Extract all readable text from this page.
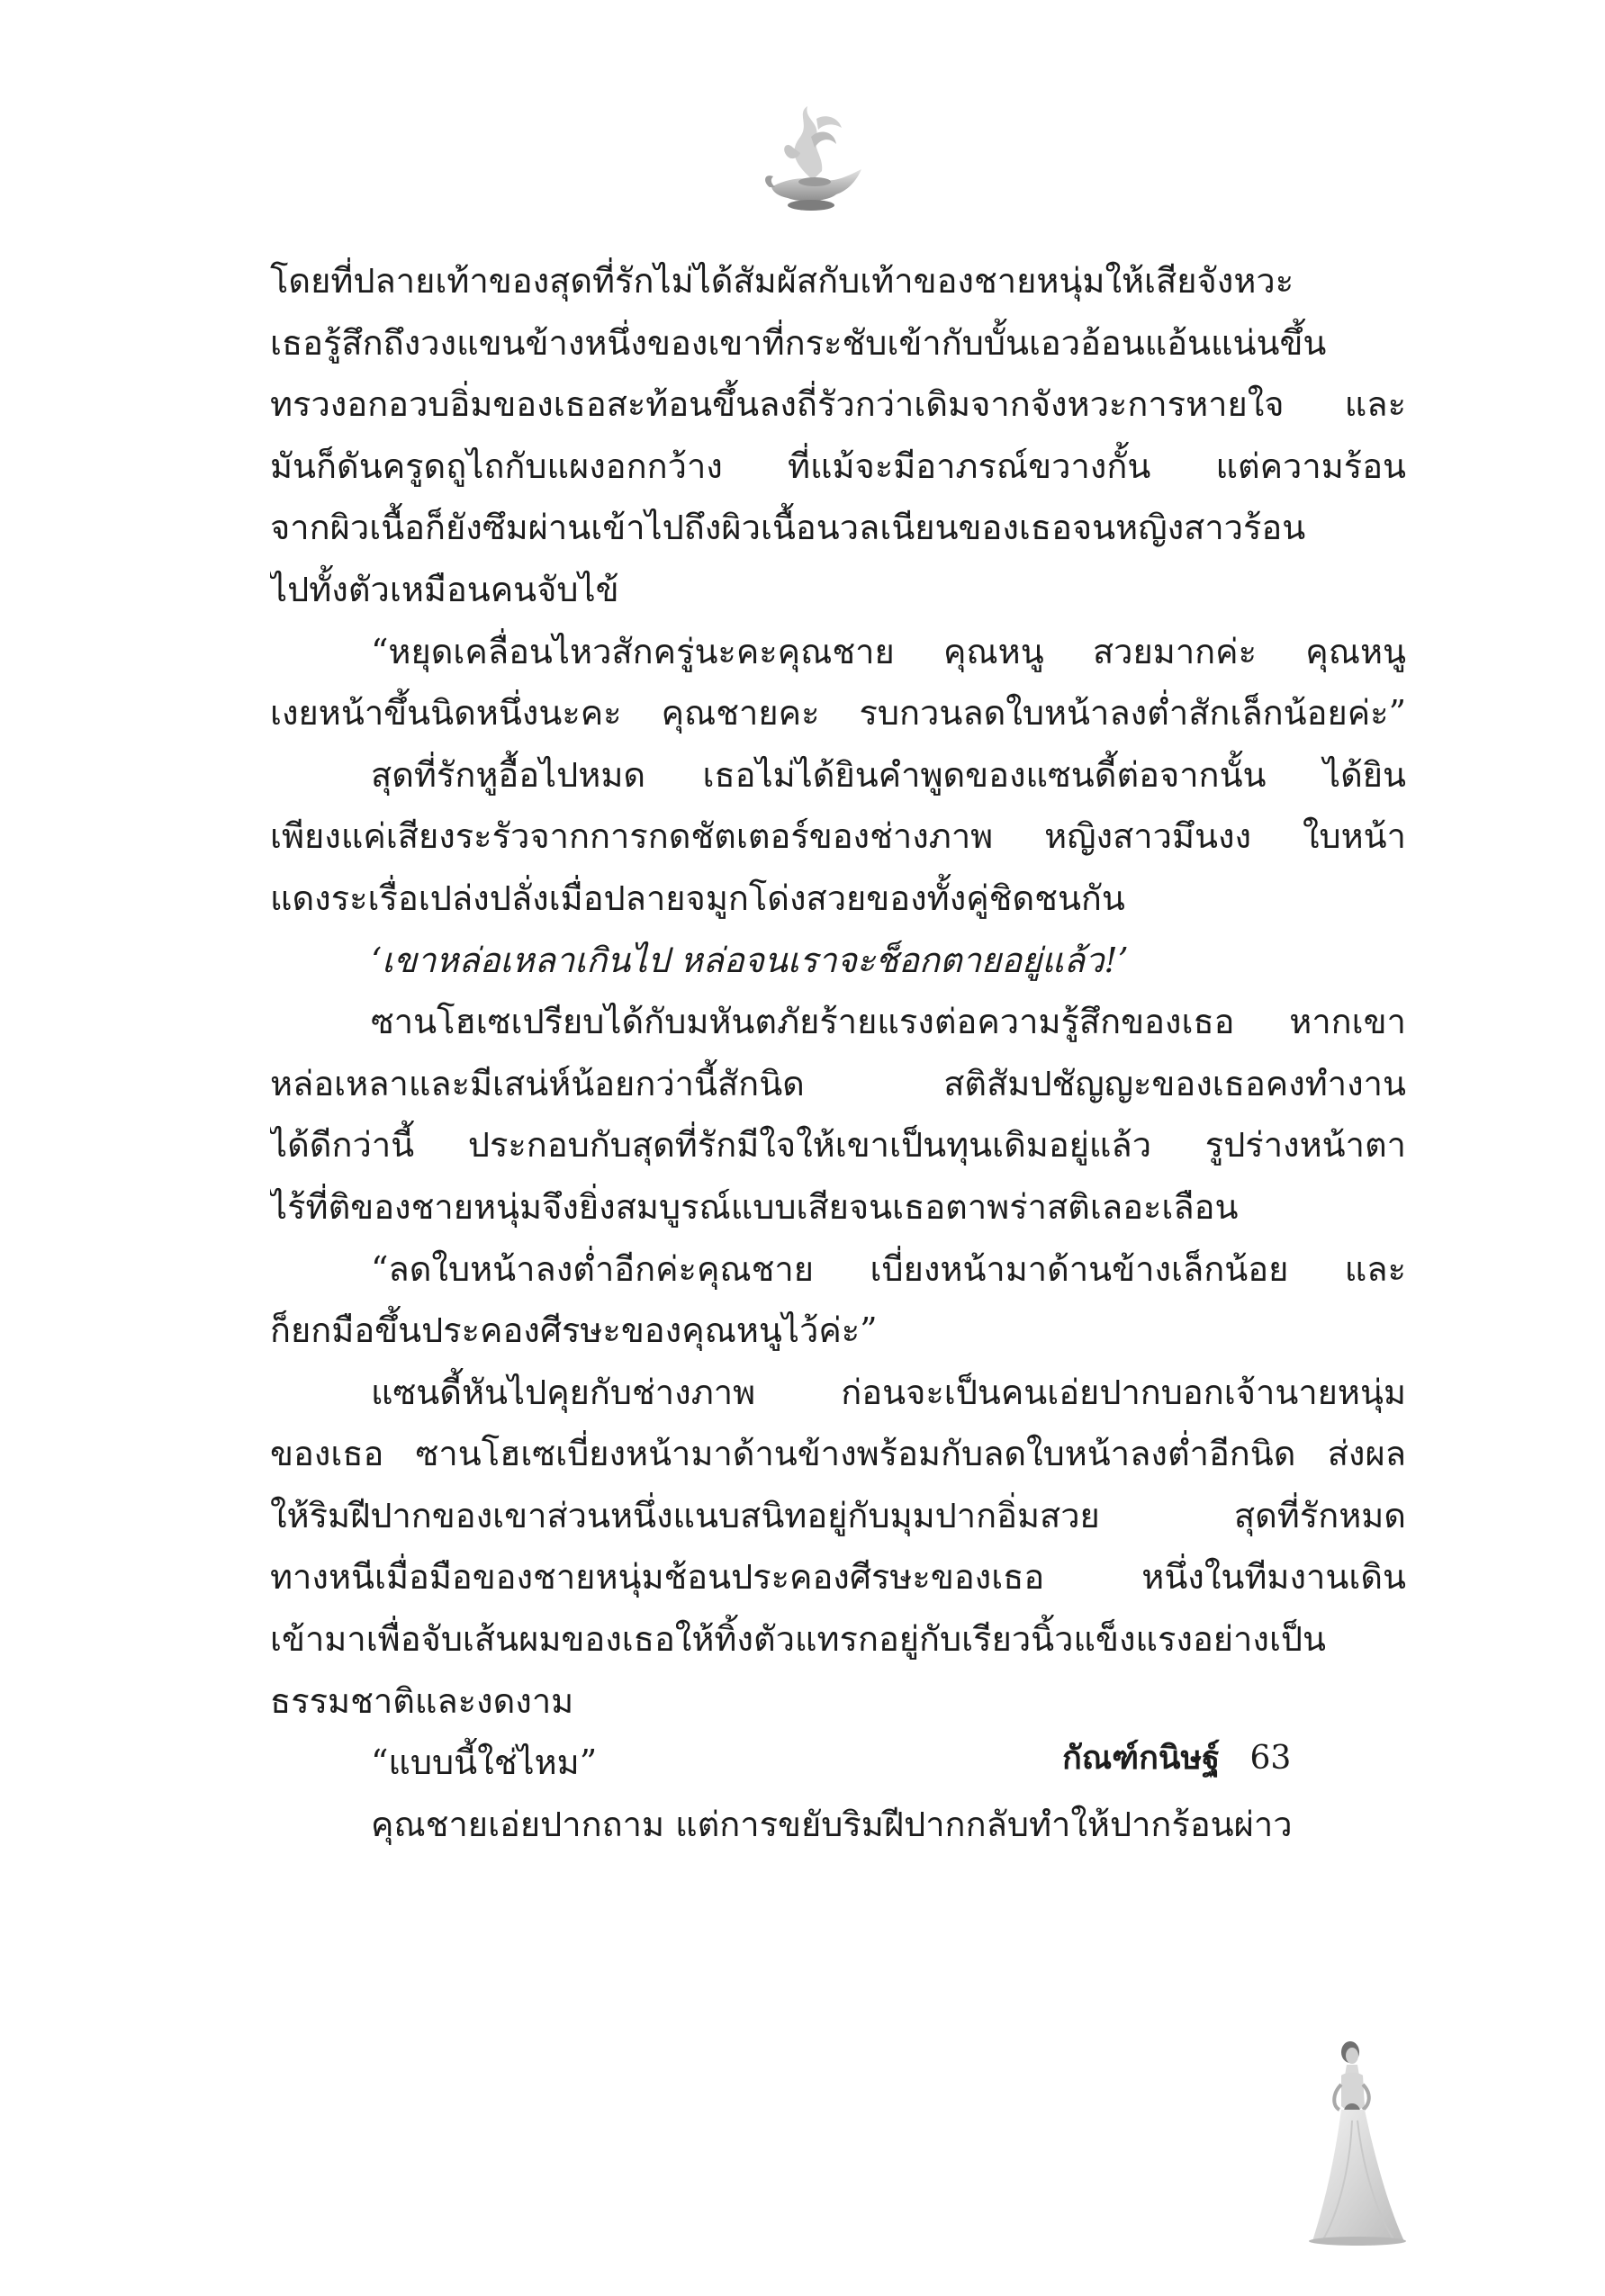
โดยที่ปลายเท้าของสุดที่รักไม่ได้สัมผัสกับเท้าของชายหนุ่มให้เสียจังหวะ
เธอรู้สึกถึงวงแขนข้างหนึ่งของเขาที่กระชับเข้ากับบั้นเอวอ้อนแอ้นแน่นขึ้น
ทรวงอกอวบอิ่มของเธอสะท้อนขึ้นลงถี่รัวกว่าเดิมจากจังหวะการหายใจ และ
มันก็ดันครูดถูไถกับแผงอกกว้าง ที่แม้จะมีอาภรณ์ขวางกั้น แต่ความร้อน
จากผิวเนื้อก็ยังซึมผ่านเข้าไปถึงผิวเนื้อนวลเนียนของเธอจนหญิงสาวร้อน
ไปทั้งตัวเหมือนคนจับไข้
“หยุดเคลื่อนไหวสักครู่นะคะคุณชาย คุณหนู สวยมากค่ะ คุณหนู
เงยหน้าขึ้นนิดหนึ่งนะคะ คุณชายคะ รบกวนลดใบหน้าลงต่ำสักเล็กน้อยค่ะ”
สุดที่รักหูอื้อไปหมด เธอไม่ได้ยินคำพูดของแซนดี้ต่อจากนั้น ได้ยิน
เพียงแค่เสียงระรัวจากการกดชัตเตอร์ของช่างภาพ หญิงสาวมึนงง ใบหน้า
แดงระเรื่อเปล่งปลั่งเมื่อปลายจมูกโด่งสวยของทั้งคู่ชิดชนกัน
‘เขาหล่อเหลาเกินไป หล่อจนเราจะช็อกตายอยู่แล้ว!’
ซานโฮเซเปรียบได้กับมหันตภัยร้ายแรงต่อความรู้สึกของเธอ หากเขา
หล่อเหลาและมีเสน่ห์น้อยกว่านี้สักนิด สติสัมปชัญญะของเธอคงทำงาน
ได้ดีกว่านี้ ประกอบกับสุดที่รักมีใจให้เขาเป็นทุนเดิมอยู่แล้ว รูปร่างหน้าตา
ไร้ที่ติของชายหนุ่มจึงยิ่งสมบูรณ์แบบเสียจนเธอตาพร่าสติเลอะเลือน
“ลดใบหน้าลงต่ำอีกค่ะคุณชาย เบี่ยงหน้ามาด้านข้างเล็กน้อย และ
ก็ยกมือขึ้นประคองศีรษะของคุณหนูไว้ค่ะ”
แซนดี้หันไปคุยกับช่างภาพ ก่อนจะเป็นคนเอ่ยปากบอกเจ้านายหนุ่ม
ของเธอ ซานโฮเซเบี่ยงหน้ามาด้านข้างพร้อมกับลดใบหน้าลงต่ำอีกนิด ส่งผล
ให้ริมฝีปากของเขาส่วนหนึ่งแนบสนิทอยู่กับมุมปากอิ่มสวย สุดที่รักหมด
ทางหนีเมื่อมือของชายหนุ่มช้อนประคองศีรษะของเธอ หนึ่งในทีมงานเดิน
เข้ามาเพื่อจับเส้นผมของเธอให้ทิ้งตัวแทรกอยู่กับเรียวนิ้วแข็งแรงอย่างเป็น
ธรรมชาติและงดงาม
“แบบนี้ใช่ไหม”
คุณชายเอ่ยปากถาม แต่การขยับริมฝีปากกลับทำให้ปากร้อนผ่าว
กัณฑ์กนิษฐ์ 63
